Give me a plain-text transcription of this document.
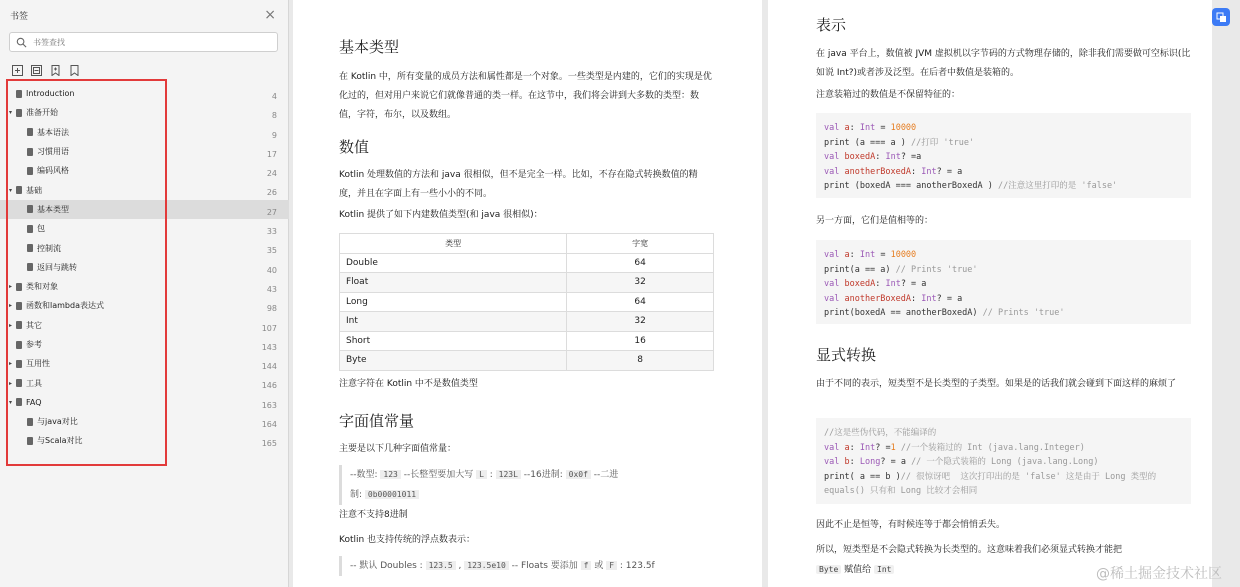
书签	×
书签查找
Introduction	4
▾	准备开始	8
基本语法	9
习惯用语	17
编码风格	24
▾	基础	26
基本类型	27
包	33
控制流	35
返回与跳转	40
▸	类和对象	43
▸	函数和lambda表达式	98
▸	其它	107
参考	143
▸	互用性	144
▸	工具	146
▾	FAQ	163
与java对比	164
与Scala对比	165
基本类型
在 Kotlin 中，所有变量的成员方法和属性都是一个对象。一些类型是内建的，它们的实现是优化过的，但对用户来说它们就像普通的类一样。在这节中，我们将会讲到大多数的类型：数值，字符，布尔，以及数组。
数值
Kotlin 处理数值的方法和 java 很相似，但不是完全一样。比如，不存在隐式转换数值的精度，并且在字面上有一些小小的不同。
Kotlin 提供了如下内建数值类型(和 java 很相似)：
类型	字宽
Double	64
Float	32
Long	64
Int	32
Short	16
Byte	8
注意字符在 Kotlin 中不是数值类型
字面值常量
主要是以下几种字面值常量：
--数型: 123 --长整型要加大写 L : 123L --16进制: 0x0f --二进
制: 0b00001011
注意不支持8进制
Kotlin 也支持传统的浮点数表示：
-- 默认 Doubles : 123.5 , 123.5e10 -- Floats 要添加 f 或 F : 123.5f
表示
在 java 平台上，数值被 JVM 虚拟机以字节码的方式物理存储的，除非我们需要做可空标识(比如说 Int?)或者涉及泛型。在后者中数值是装箱的。
注意装箱过的数值是不保留特征的：
val a: Int = 10000
print (a === a ) //打印 'true'
val boxedA: Int? =a
val anotherBoxedA: Int? = a
print (boxedA === anotherBoxedA ) //注意这里打印的是 'false'
另一方面，它们是值相等的：
val a: Int = 10000
print(a == a) // Prints 'true'
val boxedA: Int? = a
val anotherBoxedA: Int? = a
print(boxedA == anotherBoxedA) // Prints 'true'
显式转换
由于不同的表示，短类型不是长类型的子类型。如果是的话我们就会碰到下面这样的麻烦了
//这是些伪代码，不能编译的
val a: Int? =1 //一个装箱过的 Int (java.lang.Integer)
val b: Long? = a // 一个隐式装箱的 Long (java.lang.Long)
print( a == b )// 很惊讶吧  这次打印出的是 'false' 这是由于 Long 类型的 equals() 只有和 Long 比较才会相同
因此不止是恒等，有时候连等于都会悄悄丢失。
所以，短类型是不会隐式转换为长类型的。这意味着我们必须显式转换才能把
Byte 赋值给 Int	@稀土掘金技术社区
